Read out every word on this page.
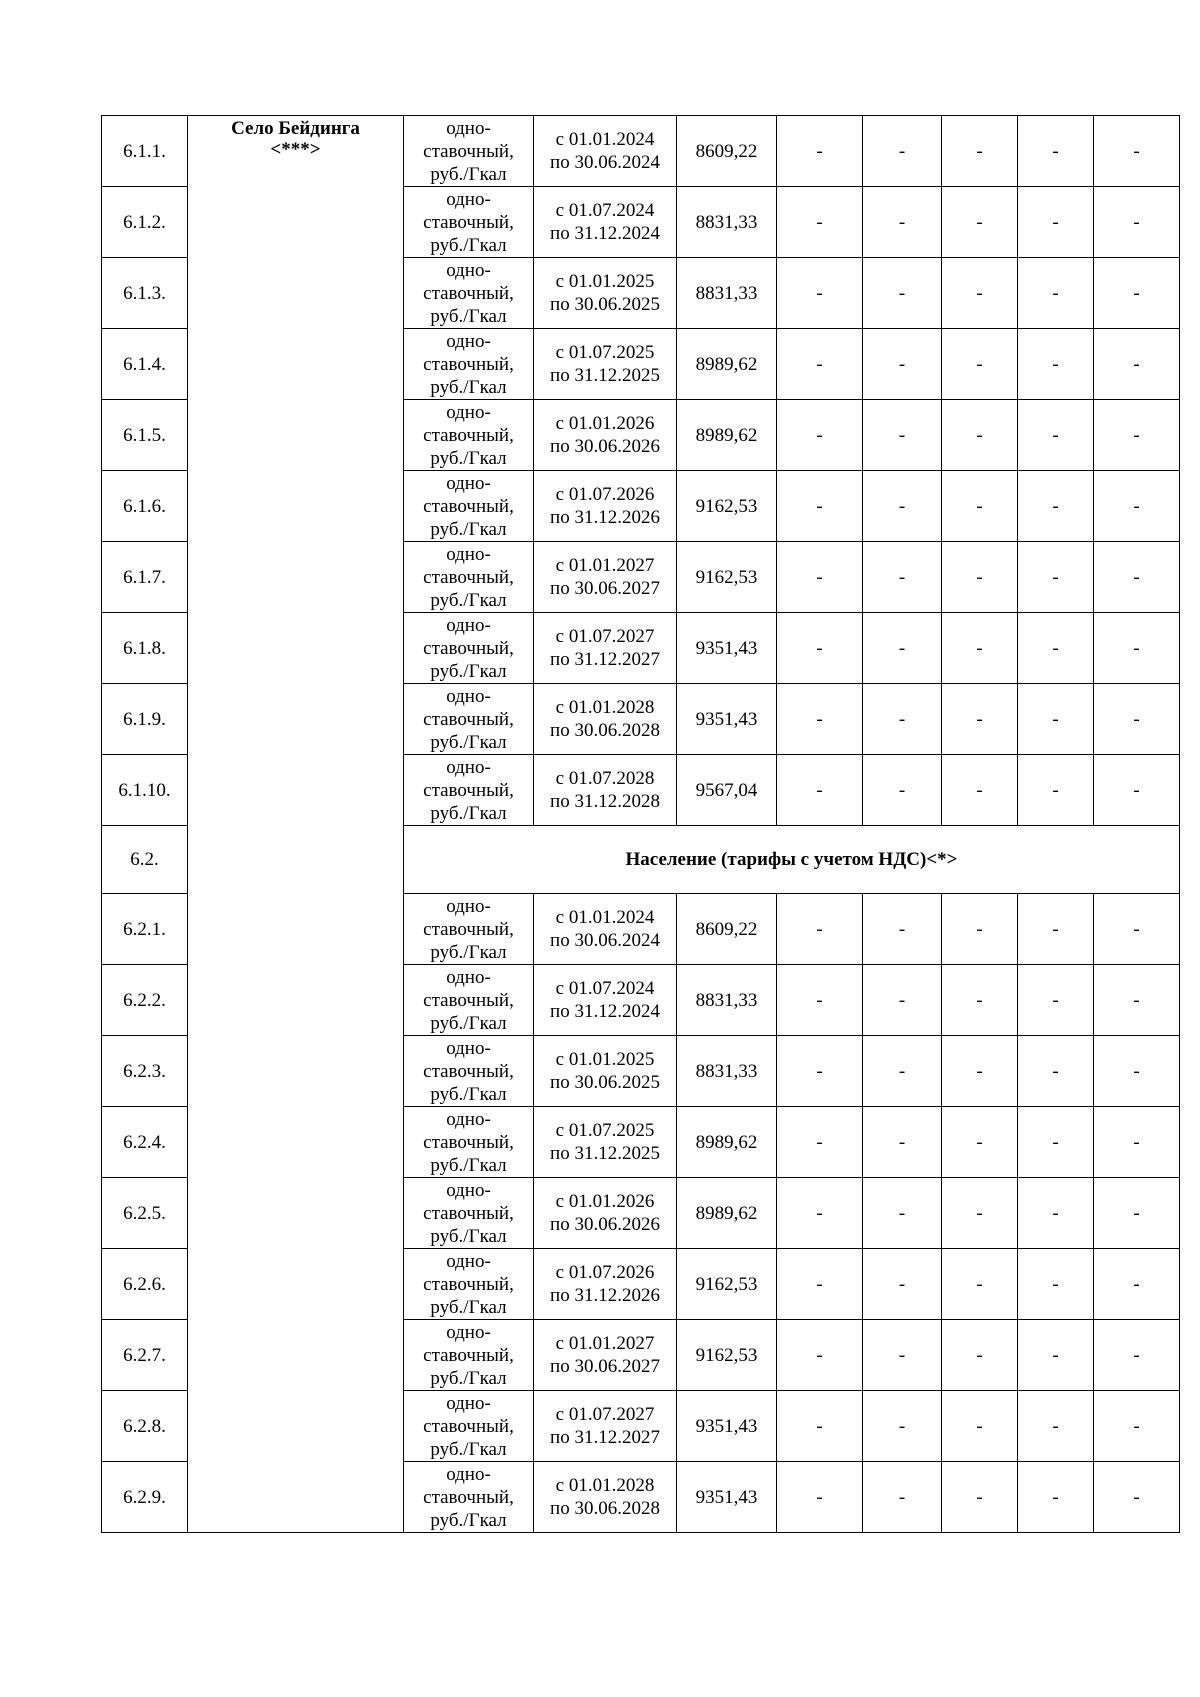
6.1.1.	Село Бейдинга
<***>	одно-
ставочный,
руб./Гкал	с 01.01.2024
по 30.06.2024	8609,22	-	-	-	-	-
6.1.2.		одно-
ставочный,
руб./Гкал	с 01.07.2024
по 31.12.2024	8831,33	-	-	-	-	-
6.1.3.		одно-
ставочный,
руб./Гкал	с 01.01.2025
по 30.06.2025	8831,33	-	-	-	-	-
6.1.4.		одно-
ставочный,
руб./Гкал	с 01.07.2025
по 31.12.2025	8989,62	-	-	-	-	-
6.1.5.		одно-
ставочный,
руб./Гкал	с 01.01.2026
по 30.06.2026	8989,62	-	-	-	-	-
6.1.6.		одно-
ставочный,
руб./Гкал	с 01.07.2026
по 31.12.2026	9162,53	-	-	-	-	-
6.1.7.		одно-
ставочный,
руб./Гкал	с 01.01.2027
по 30.06.2027	9162,53	-	-	-	-	-
6.1.8.		одно-
ставочный,
руб./Гкал	с 01.07.2027
по 31.12.2027	9351,43	-	-	-	-	-
6.1.9.		одно-
ставочный,
руб./Гкал	с 01.01.2028
по 30.06.2028	9351,43	-	-	-	-	-
6.1.10.		одно-
ставочный,
руб./Гкал	с 01.07.2028
по 31.12.2028	9567,04	-	-	-	-	-
6.2.		Население (тарифы с учетом НДС)<*>							
6.2.1.		одно-
ставочный,
руб./Гкал	с 01.01.2024
по 30.06.2024	8609,22	-	-	-	-	-
6.2.2.		одно-
ставочный,
руб./Гкал	с 01.07.2024
по 31.12.2024	8831,33	-	-	-	-	-
6.2.3.		одно-
ставочный,
руб./Гкал	с 01.01.2025
по 30.06.2025	8831,33	-	-	-	-	-
6.2.4.		одно-
ставочный,
руб./Гкал	с 01.07.2025
по 31.12.2025	8989,62	-	-	-	-	-
6.2.5.		одно-
ставочный,
руб./Гкал	с 01.01.2026
по 30.06.2026	8989,62	-	-	-	-	-
6.2.6.		одно-
ставочный,
руб./Гкал	с 01.07.2026
по 31.12.2026	9162,53	-	-	-	-	-
6.2.7.		одно-
ставочный,
руб./Гкал	с 01.01.2027
по 30.06.2027	9162,53	-	-	-	-	-
6.2.8.		одно-
ставочный,
руб./Гкал	с 01.07.2027
по 31.12.2027	9351,43	-	-	-	-	-
6.2.9.		одно-
ставочный,
руб./Гкал	с 01.01.2028
по 30.06.2028	9351,43	-	-	-	-	-
